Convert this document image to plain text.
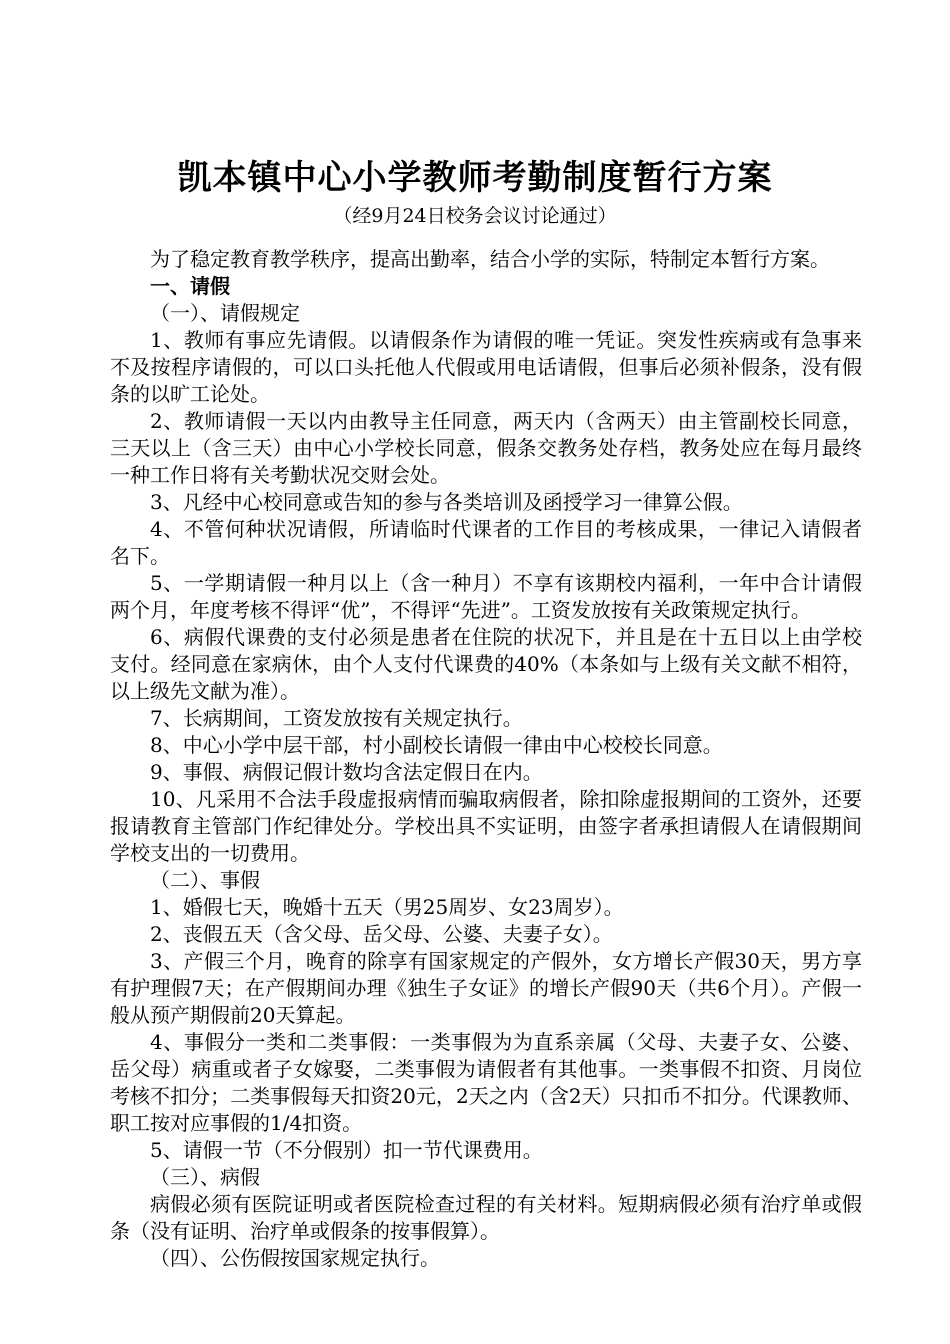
凯本镇中心小学教师考勤制度暂行方案
（经9月24日校务会议讨论通过）

为了稳定教育教学秩序，提高出勤率，结合小学的实际，特制定本暂行方案。

一、请假

（一）、请假规定

1、教师有事应先请假。以请假条作为请假的唯一凭证。突发性疾病或有急事来不及按程序请假的，可以口头托他人代假或用电话请假，但事后必须补假条，没有假条的以旷工论处。

2、教师请假一天以内由教导主任同意，两天内（含两天）由主管副校长同意，三天以上（含三天）由中心小学校长同意，假条交教务处存档，教务处应在每月最终一种工作日将有关考勤状况交财会处。

3、凡经中心校同意或告知的参与各类培训及函授学习一律算公假。

4、不管何种状况请假，所请临时代课者的工作目的考核成果，一律记入请假者名下。

5、一学期请假一种月以上（含一种月）不享有该期校内福利，一年中合计请假两个月，年度考核不得评“优”，不得评“先进”。工资发放按有关政策规定执行。

6、病假代课费的支付必须是患者在住院的状况下，并且是在十五日以上由学校支付。经同意在家病休，由个人支付代课费的40%（本条如与上级有关文献不相符，以上级先文献为准）。

7、长病期间，工资发放按有关规定执行。

8、中心小学中层干部，村小副校长请假一律由中心校校长同意。

9、事假、病假记假计数均含法定假日在内。

10、凡采用不合法手段虚报病情而骗取病假者，除扣除虚报期间的工资外，还要报请教育主管部门作纪律处分。学校出具不实证明，由签字者承担请假人在请假期间学校支出的一切费用。

（二）、事假

1、婚假七天，晚婚十五天（男25周岁、女23周岁）。

2、丧假五天（含父母、岳父母、公婆、夫妻子女）。

3、产假三个月，晚育的除享有国家规定的产假外，女方增长产假30天，男方享有护理假7天；在产假期间办理《独生子女证》的增长产假90天（共6个月）。产假一般从预产期假前20天算起。

4、事假分一类和二类事假：一类事假为为直系亲属（父母、夫妻子女、公婆、岳父母）病重或者子女嫁娶，二类事假为请假者有其他事。一类事假不扣资、月岗位考核不扣分；二类事假每天扣资20元，2天之内（含2天）只扣币不扣分。代课教师、职工按对应事假的1/4扣资。

5、请假一节（不分假别）扣一节代课费用。

（三）、病假

病假必须有医院证明或者医院检查过程的有关材料。短期病假必须有治疗单或假条（没有证明、治疗单或假条的按事假算）。

（四）、公伤假按国家规定执行。
